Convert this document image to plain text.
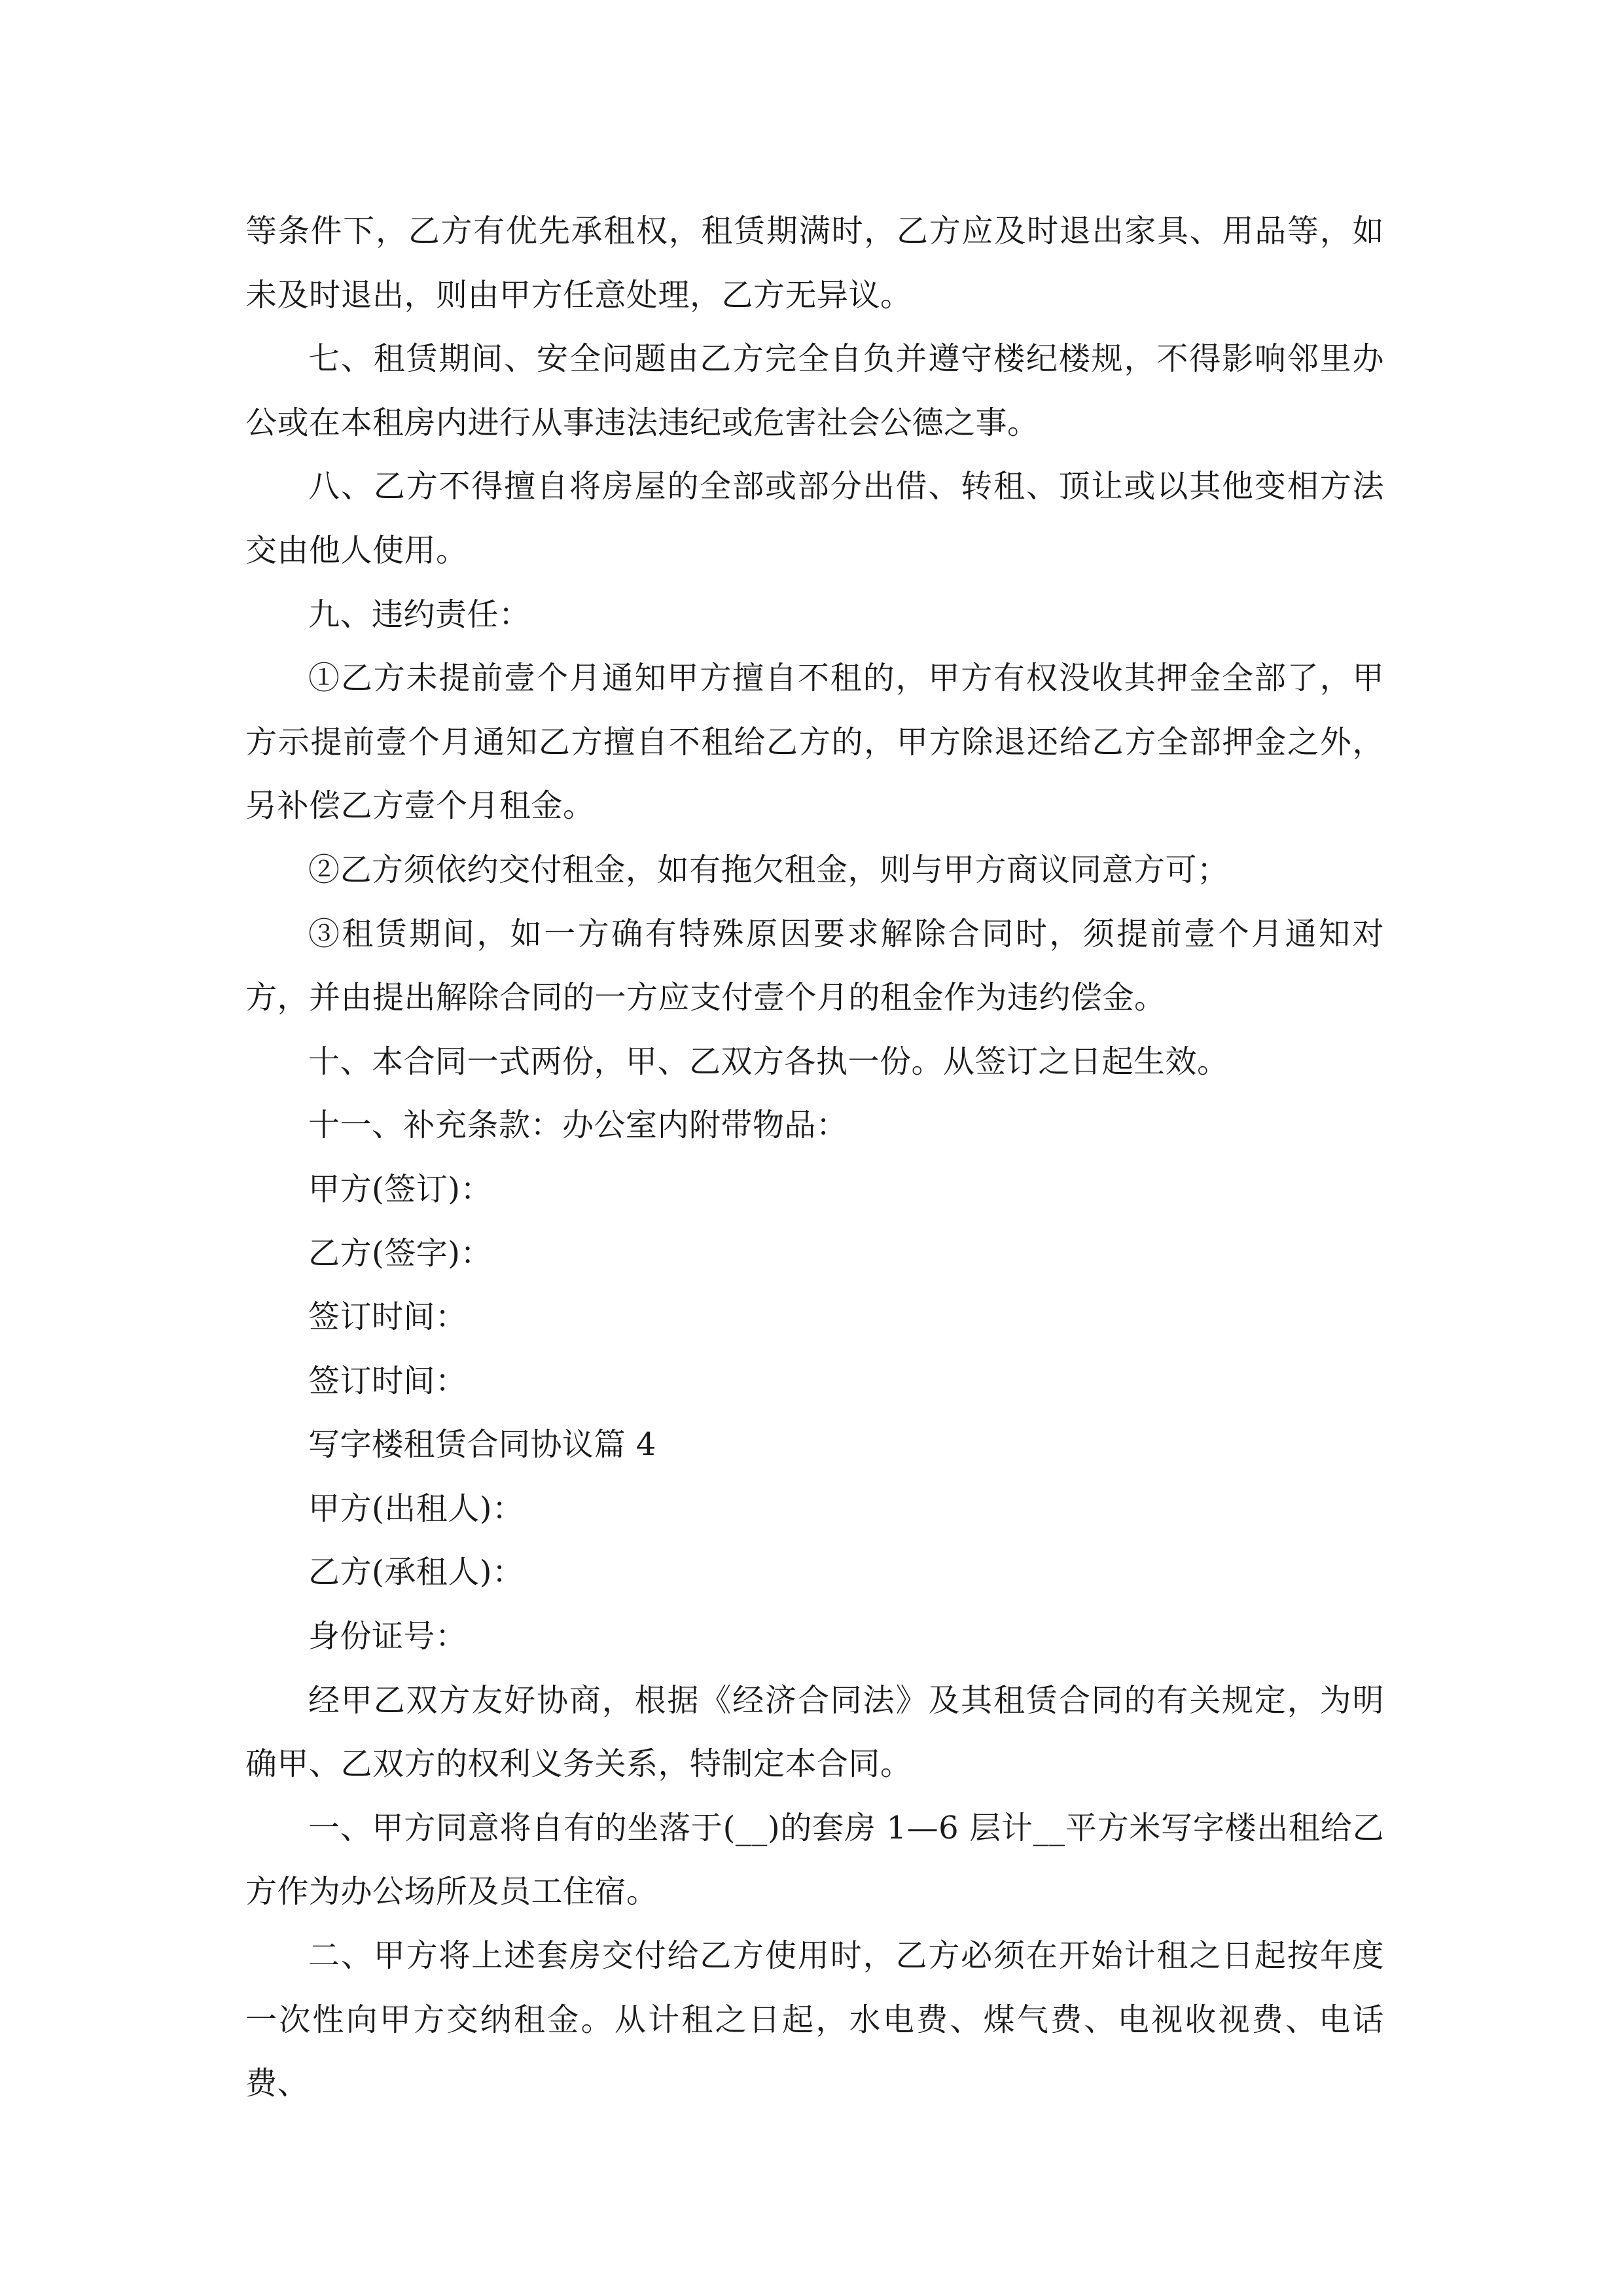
等条件下，乙方有优先承租权，租赁期满时，乙方应及时退出家具、用品等，如未及时退出，则由甲方任意处理，乙方无异议。

七、租赁期间、安全问题由乙方完全自负并遵守楼纪楼规，不得影响邻里办公或在本租房内进行从事违法违纪或危害社会公德之事。

八、乙方不得擅自将房屋的全部或部分出借、转租、顶让或以其他变相方法交由他人使用。

九、违约责任：

①乙方未提前壹个月通知甲方擅自不租的，甲方有权没收其押金全部了，甲方示提前壹个月通知乙方擅自不租给乙方的，甲方除退还给乙方全部押金之外，另补偿乙方壹个月租金。

②乙方须依约交付租金，如有拖欠租金，则与甲方商议同意方可；

③租赁期间，如一方确有特殊原因要求解除合同时，须提前壹个月通知对方，并由提出解除合同的一方应支付壹个月的租金作为违约偿金。

十、本合同一式两份，甲、乙双方各执一份。从签订之日起生效。

十一、补充条款：办公室内附带物品：

甲方(签订)：

乙方(签字)：

签订时间：

签订时间：

写字楼租赁合同协议篇 4

甲方(出租人)：

乙方(承租人)：

身份证号：

经甲乙双方友好协商，根据《经济合同法》及其租赁合同的有关规定，为明确甲、乙双方的权利义务关系，特制定本合同。

一、甲方同意将自有的坐落于(__)的套房 1—6 层计__平方米写字楼出租给乙方作为办公场所及员工住宿。

二、甲方将上述套房交付给乙方使用时，乙方必须在开始计租之日起按年度一次性向甲方交纳租金。从计租之日起，水电费、煤气费、电视收视费、电话费、
